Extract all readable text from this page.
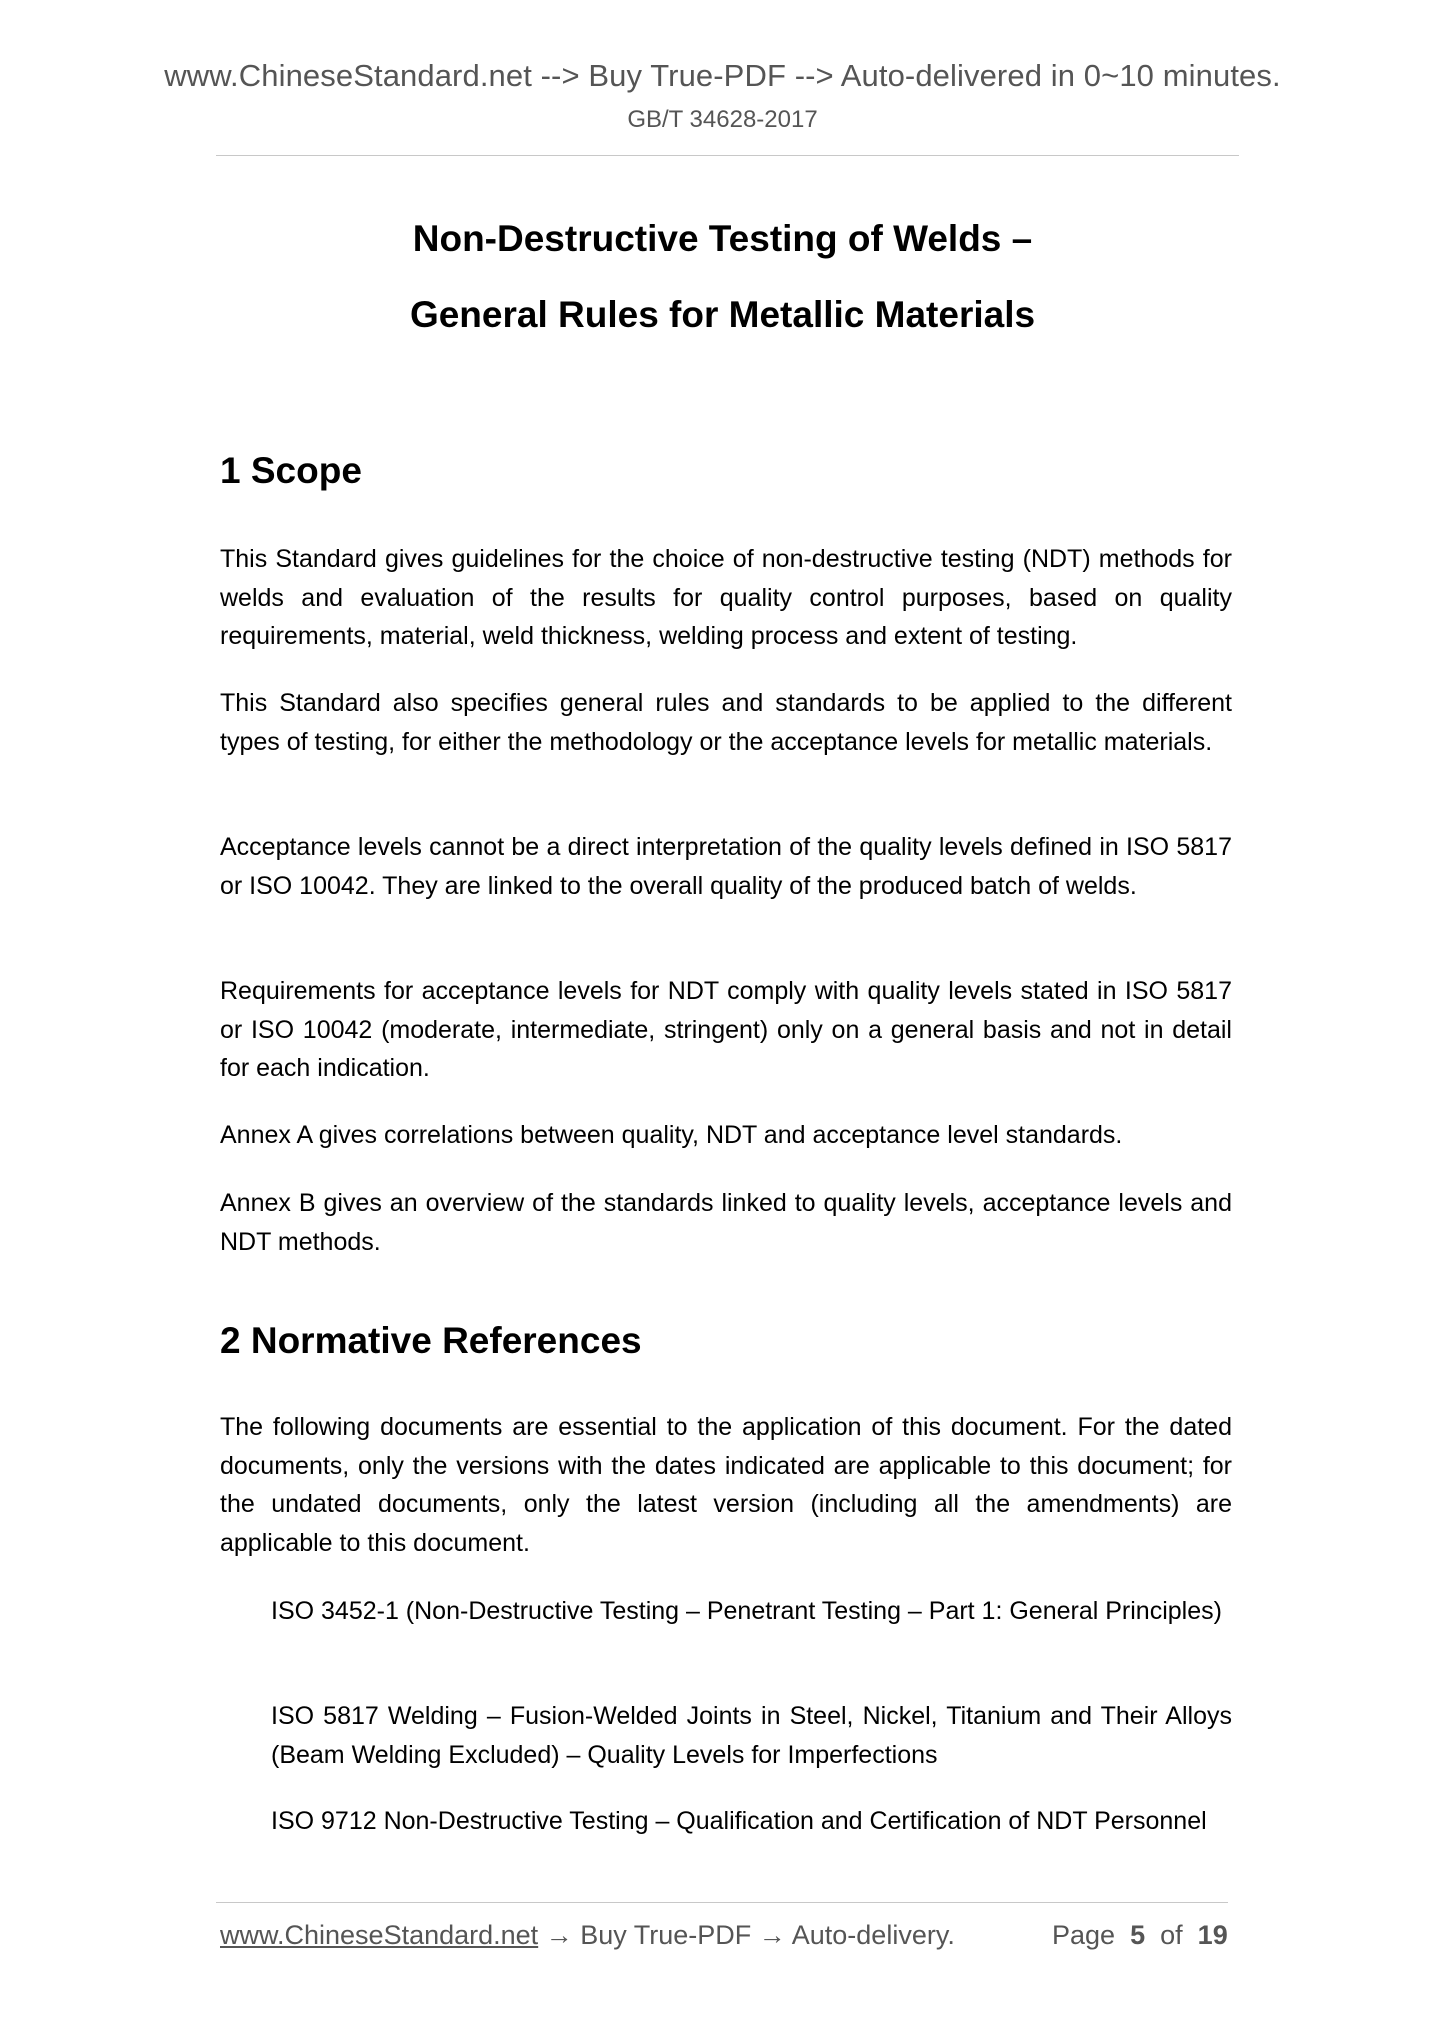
www.ChineseStandard.net --> Buy True-PDF --> Auto-delivered in 0~10 minutes.
GB/T 34628-2017
Non-Destructive Testing of Welds –
General Rules for Metallic Materials
1 Scope
This Standard gives guidelines for the choice of non-destructive testing (NDT) methods for welds and evaluation of the results for quality control purposes, based on quality requirements, material, weld thickness, welding process and extent of testing.
This Standard also specifies general rules and standards to be applied to the different types of testing, for either the methodology or the acceptance levels for metallic materials.
Acceptance levels cannot be a direct interpretation of the quality levels defined in ISO 5817 or ISO 10042. They are linked to the overall quality of the produced batch of welds.
Requirements for acceptance levels for NDT comply with quality levels stated in ISO 5817 or ISO 10042 (moderate, intermediate, stringent) only on a general basis and not in detail for each indication.
Annex A gives correlations between quality, NDT and acceptance level standards.
Annex B gives an overview of the standards linked to quality levels, acceptance levels and NDT methods.
2 Normative References
The following documents are essential to the application of this document. For the dated documents, only the versions with the dates indicated are applicable to this document; for the undated documents, only the latest version (including all the amendments) are applicable to this document.
ISO 3452-1 (Non-Destructive Testing – Penetrant Testing – Part 1: General Principles)
ISO 5817 Welding – Fusion-Welded Joints in Steel, Nickel, Titanium and Their Alloys (Beam Welding Excluded) – Quality Levels for Imperfections
ISO 9712 Non-Destructive Testing – Qualification and Certification of NDT Personnel
www.ChineseStandard.net → Buy True-PDF → Auto-delivery.	Page 5 of 19
